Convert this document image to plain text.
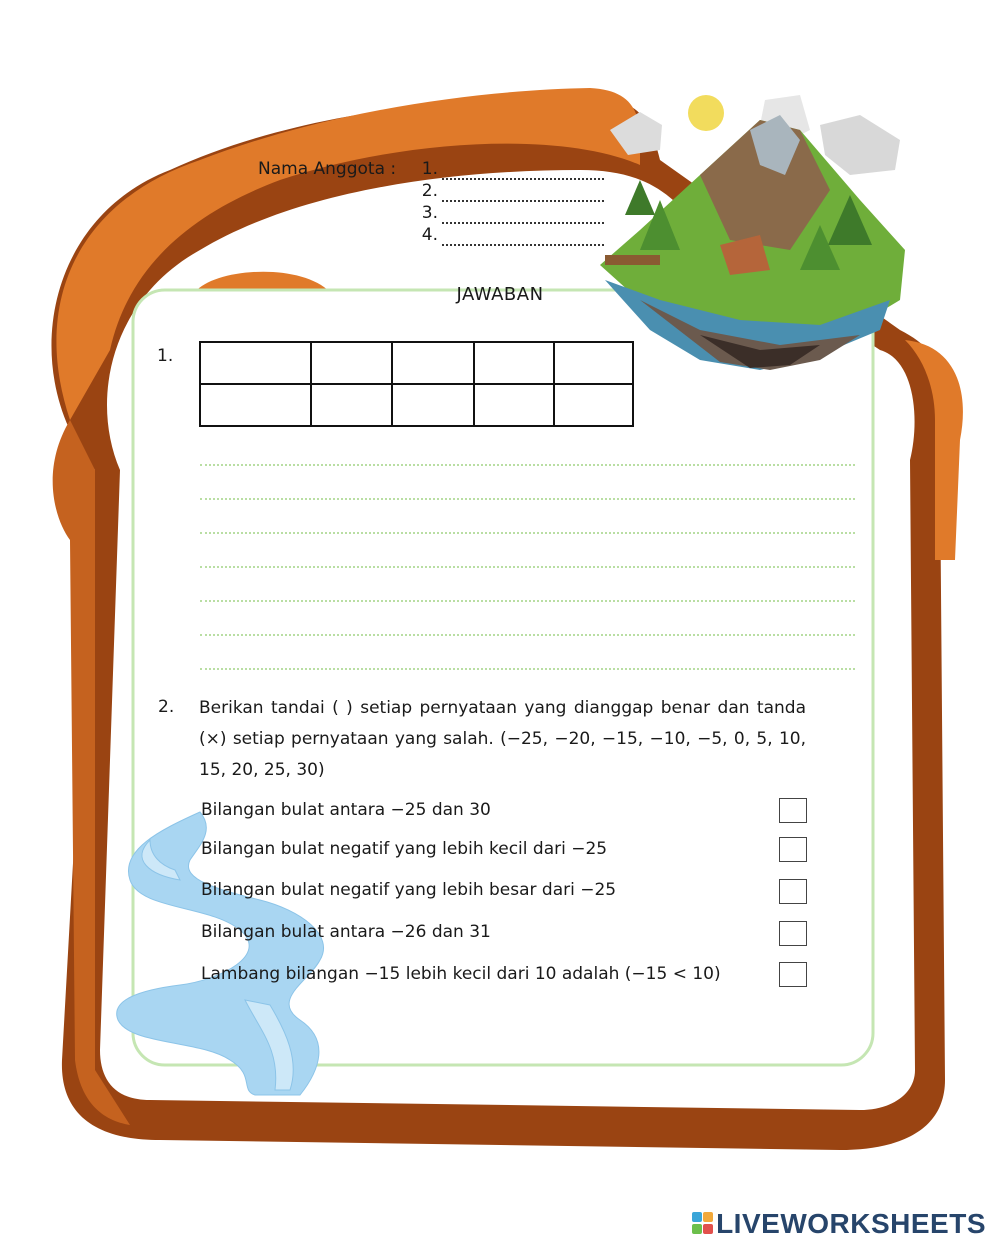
Nama Anggota :	1.
2.
3.
4.
JAWABAN
1.

2. Berikan tandai ( ) setiap pernyataan yang dianggap benar dan tanda (×) setiap pernyataan yang salah. (−25, −20, −15, −10, −5, 0, 5, 10, 15, 20, 25, 30)
Bilangan bulat antara −25 dan 30
Bilangan bulat negatif yang lebih kecil dari −25
Bilangan bulat negatif yang lebih besar dari −25
Bilangan bulat antara −26 dan 31
Lambang bilangan −15 lebih kecil dari 10 adalah (−15 < 10)
LIVEWORKSHEETS
